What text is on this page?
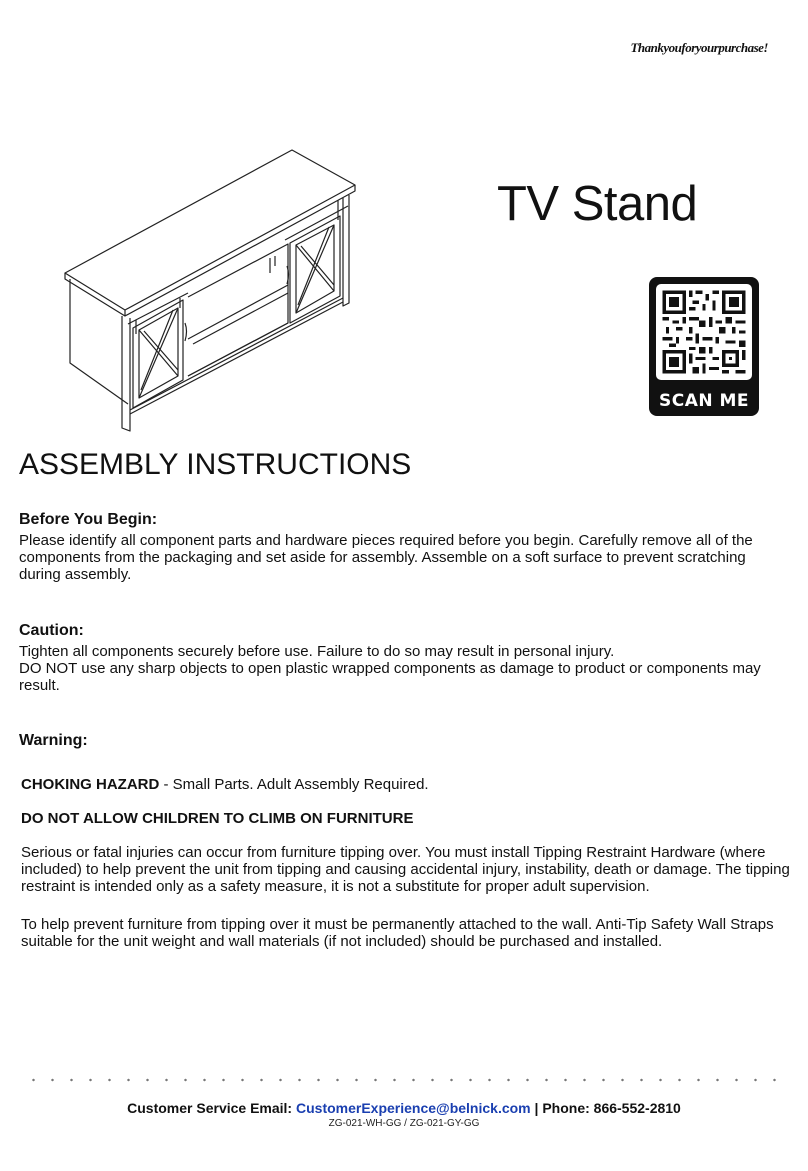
Thankyouforyourpurchase!
TV Stand
SCAN ME
ASSEMBLY INSTRUCTIONS
Before You Begin:

Please identify all component parts and hardware pieces required before you begin. Carefully remove all of the components from the packaging and set aside for assembly. Assemble on a soft surface to prevent scratching during assembly.

Caution:

Tighten all components securely before use. Failure to do so may result in personal injury.

DO NOT use any sharp objects to open plastic wrapped components as damage to product or components may result.

Warning:

CHOKING HAZARD - Small Parts. Adult Assembly Required.

DO NOT ALLOW CHILDREN TO CLIMB ON FURNITURE

Serious or fatal injuries can occur from furniture tipping over. You must install Tipping Restraint Hardware (where included) to help prevent the unit from tipping and causing accidental injury, instability, death or damage. The tipping restraint is intended only as a safety measure, it is not a substitute for proper adult supervision.

To help prevent furniture from tipping over it must be permanently attached to the wall. Anti-Tip Safety Wall Straps suitable for the unit weight and wall materials (if not included) should be purchased and installed.

Customer Service Email: CustomerExperience@belnick.com | Phone: 866-552-2810
ZG-021-WH-GG / ZG-021-GY-GG
